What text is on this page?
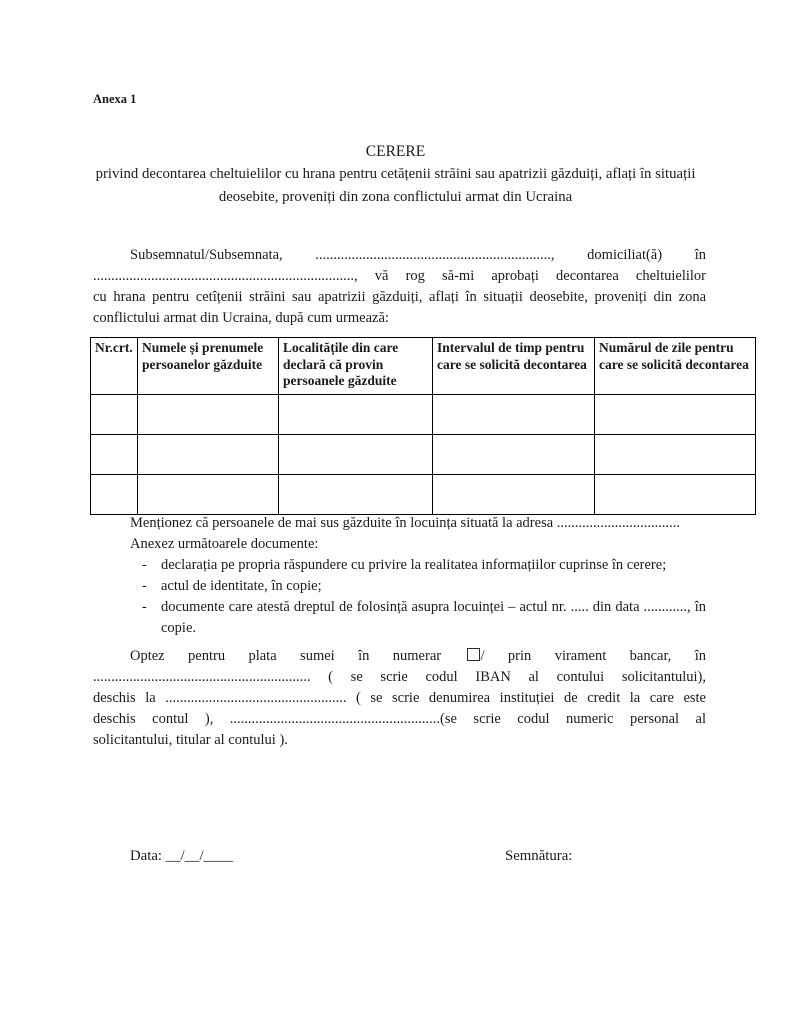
Anexa 1
CERERE
privind decontarea cheltuielilor cu hrana pentru cetățenii străini sau apatrizii găzduiți, aflați în situații
deosebite, proveniți din zona conflictului armat din Ucraina
Subsemnatul/Subsemnata, ................................................................., domiciliat(ă) în
........................................................................, vă rog să-mi aprobați decontarea cheltuielilor
cu hrana pentru cetîțenii străini sau apatrizii găzduiți, aflați în situații deosebite, proveniți din zona
conflictului armat din Ucraina, după cum urmează:
Nr.crt.	Numele și prenumele persoanelor găzduite	Localitățile din care declară că provin persoanele găzduite	Intervalul de timp pentru care se solicită decontarea	Numărul de zile pentru care se solicită decontarea

Menționez că persoanele de mai sus găzduite în locuința situată la adresa ..................................
Anexez următoarele documente:
- declarația pe propria răspundere cu privire la realitatea informațiilor cuprinse în cerere;
- actul de identitate, în copie;
- documente care atestă dreptul de folosință asupra locuinței – actul nr. ..... din data ............, în
copie.
Optez pentru plata sumei în numerar	/ prin virament bancar, în
............................................................ ( se scrie codul IBAN al contului solicitantului),
deschis la .................................................. ( se scrie denumirea instituției de credit la care este
deschis contul ), ..........................................................(se scrie codul numeric personal al
solicitantului, titular al contului ).
Data: __/__/____	Semnătura:
